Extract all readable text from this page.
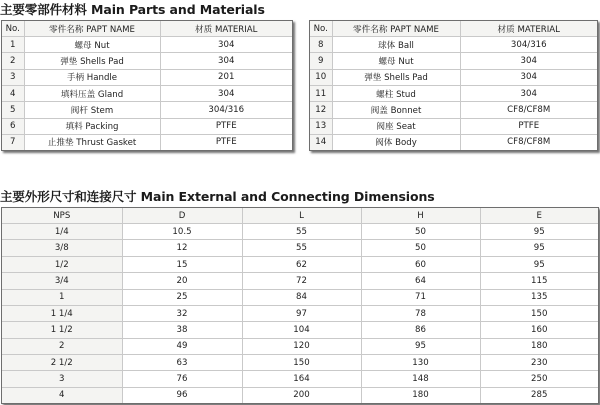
主要零部件材料 Main Parts and Materials
No.	零件名称 PAPT NAME	材质 MATERIAL
1	螺母 Nut	304
2	弹垫 Shells Pad	304
3	手柄 Handle	201
4	填料压盖 Gland	304
5	阀杆 Stem	304/316
6	填料 Packing	PTFE
7	止推垫 Thrust Gasket	PTFE
No.	零件名称 PAPT NAME	材质 MATERIAL
8	球体 Ball	304/316
9	螺母 Nut	304
10	弹垫 Shells Pad	304
11	螺柱 Stud	304
12	阀盖 Bonnet	CF8/CF8M
13	阀座 Seat	PTFE
14	阀体 Body	CF8/CF8M
主要外形尺寸和连接尺寸 Main External and Connecting Dimensions
NPS	D	L	H	E
1/4	10.5	55	50	95
3/8	12	55	50	95
1/2	15	62	60	95
3/4	20	72	64	115
1	25	84	71	135
1 1/4	32	97	78	150
1 1/2	38	104	86	160
2	49	120	95	180
2 1/2	63	150	130	230
3	76	164	148	250
4	96	200	180	285
